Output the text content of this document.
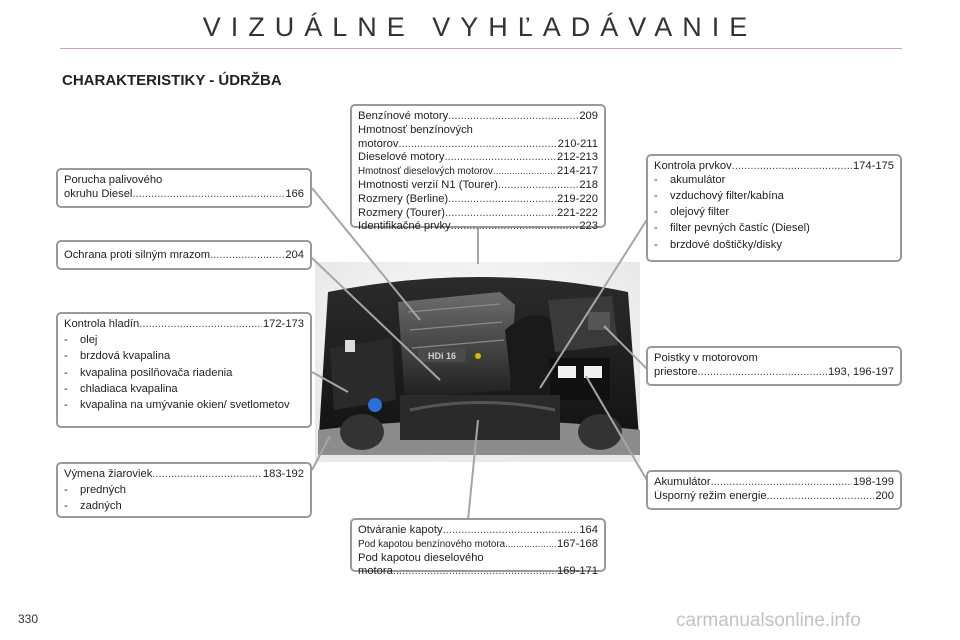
VIZUÁLNE VYHĽADÁVANIE
CHARAKTERISTIKY - ÚDRŽBA
HDi 16
Porucha palivového
okruhu Diesel .....	166
Ochrana proti silným mrazom .....	204
Kontrola hladín .....	172-173
-	olej
-	brzdová kvapalina
-	kvapalina posilňovača riadenia
-	chladiaca kvapalina
-	kvapalina na umývanie okien/ svetlometov
Výmena žiaroviek .....	183-192
-	predných
-	zadných
Benzínové motory .....	209
Hmotnosť benzínových
motorov .....	210-211
Dieselové motory .....	212-213
Hmotnosť dieselových motorov .....	214-217
Hmotnosti verzií N1 (Tourer) .....	218
Rozmery (Berline) .....	219-220
Rozmery (Tourer) .....	221-222
Identifikačné prvky .....	223
Kontrola prvkov .....	174-175
-	akumulátor
-	vzduchový filter/kabína
-	olejový filter
-	filter pevných častíc (Diesel)
-	brzdové doštičky/disky
Poistky v motorovom
priestore .....	193, 196-197
Akumulátor .....	198-199
Úsporný režim energie .....	200
Otváranie kapoty .....	164
Pod kapotou benzínového motora .....	167-168
Pod kapotou dieselového
motora .....	169-171
330	carmanualsonline.info
